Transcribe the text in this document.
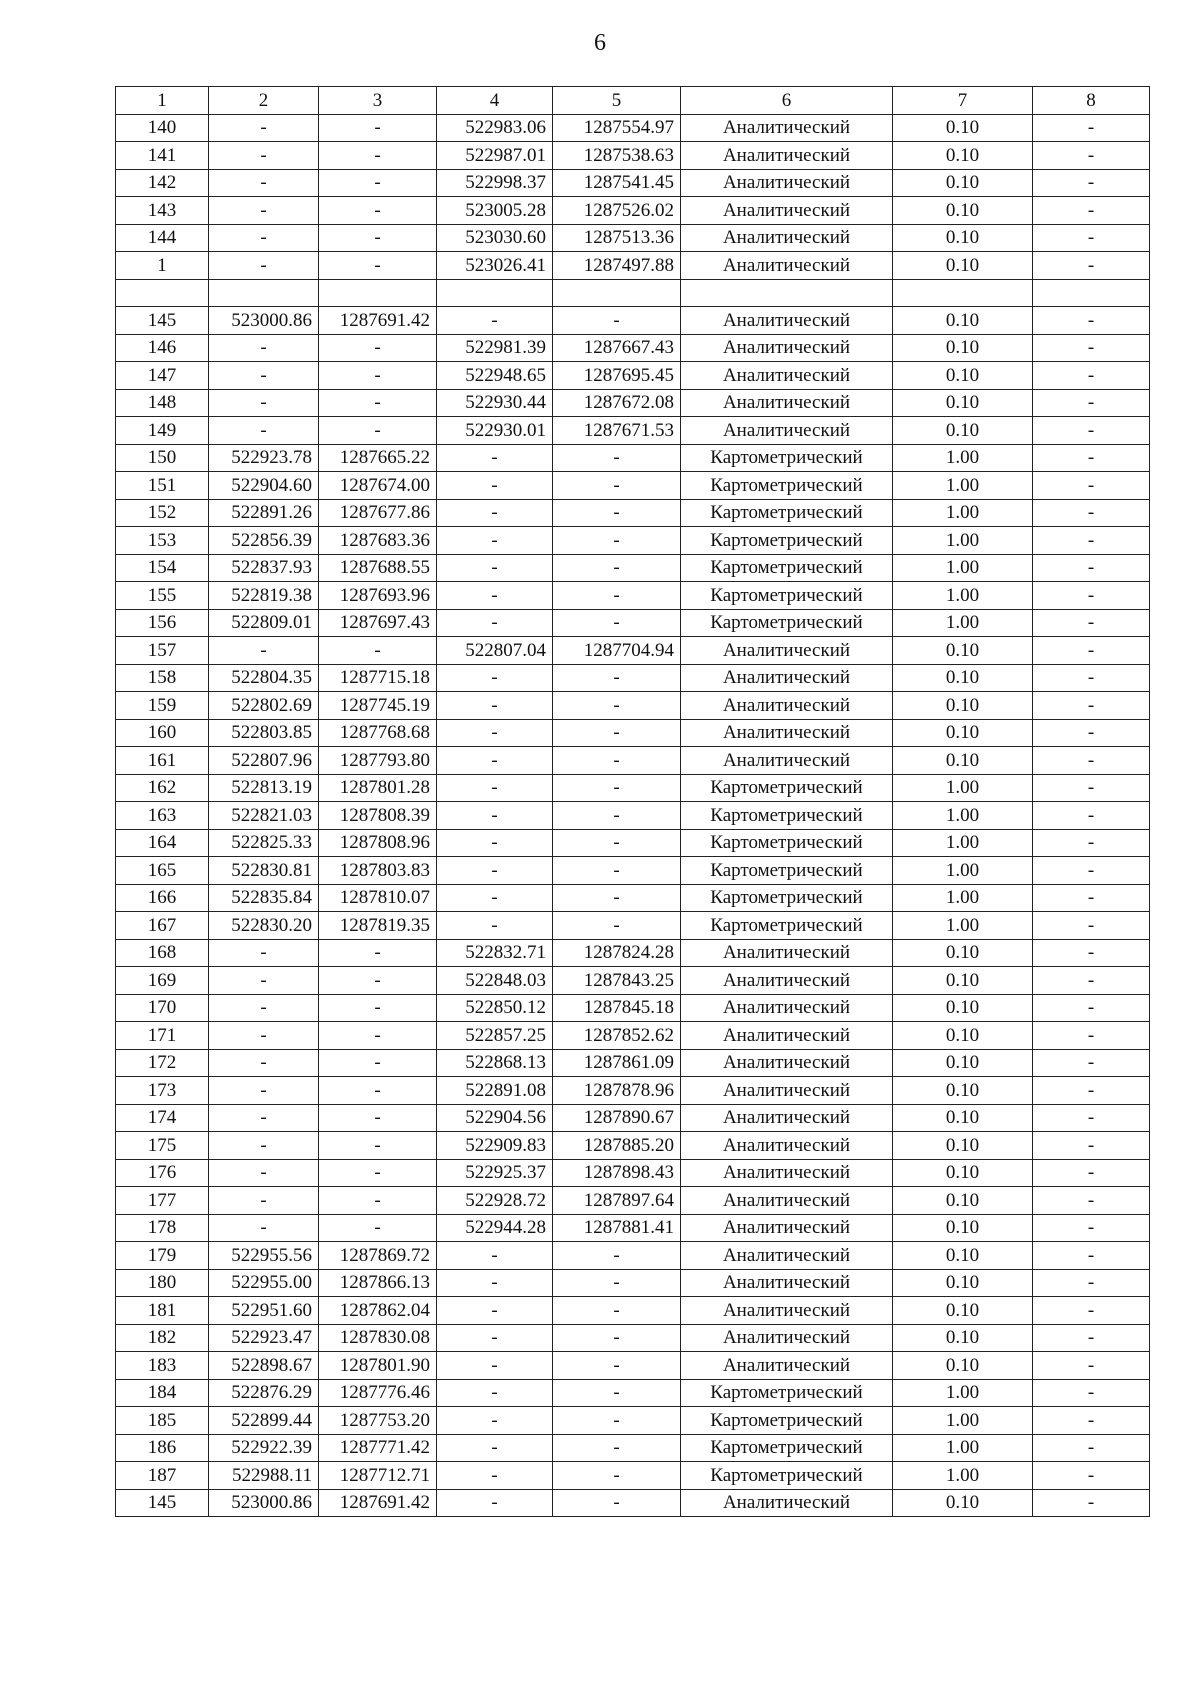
6
1	2	3	4	5	6	7	8
140	-	-	522983.06	1287554.97	Аналитический	0.10	-
141	-	-	522987.01	1287538.63	Аналитический	0.10	-
142	-	-	522998.37	1287541.45	Аналитический	0.10	-
143	-	-	523005.28	1287526.02	Аналитический	0.10	-
144	-	-	523030.60	1287513.36	Аналитический	0.10	-
1	-	-	523026.41	1287497.88	Аналитический	0.10	-

145	523000.86	1287691.42	-	-	Аналитический	0.10	-
146	-	-	522981.39	1287667.43	Аналитический	0.10	-
147	-	-	522948.65	1287695.45	Аналитический	0.10	-
148	-	-	522930.44	1287672.08	Аналитический	0.10	-
149	-	-	522930.01	1287671.53	Аналитический	0.10	-
150	522923.78	1287665.22	-	-	Картометрический	1.00	-
151	522904.60	1287674.00	-	-	Картометрический	1.00	-
152	522891.26	1287677.86	-	-	Картометрический	1.00	-
153	522856.39	1287683.36	-	-	Картометрический	1.00	-
154	522837.93	1287688.55	-	-	Картометрический	1.00	-
155	522819.38	1287693.96	-	-	Картометрический	1.00	-
156	522809.01	1287697.43	-	-	Картометрический	1.00	-
157	-	-	522807.04	1287704.94	Аналитический	0.10	-
158	522804.35	1287715.18	-	-	Аналитический	0.10	-
159	522802.69	1287745.19	-	-	Аналитический	0.10	-
160	522803.85	1287768.68	-	-	Аналитический	0.10	-
161	522807.96	1287793.80	-	-	Аналитический	0.10	-
162	522813.19	1287801.28	-	-	Картометрический	1.00	-
163	522821.03	1287808.39	-	-	Картометрический	1.00	-
164	522825.33	1287808.96	-	-	Картометрический	1.00	-
165	522830.81	1287803.83	-	-	Картометрический	1.00	-
166	522835.84	1287810.07	-	-	Картометрический	1.00	-
167	522830.20	1287819.35	-	-	Картометрический	1.00	-
168	-	-	522832.71	1287824.28	Аналитический	0.10	-
169	-	-	522848.03	1287843.25	Аналитический	0.10	-
170	-	-	522850.12	1287845.18	Аналитический	0.10	-
171	-	-	522857.25	1287852.62	Аналитический	0.10	-
172	-	-	522868.13	1287861.09	Аналитический	0.10	-
173	-	-	522891.08	1287878.96	Аналитический	0.10	-
174	-	-	522904.56	1287890.67	Аналитический	0.10	-
175	-	-	522909.83	1287885.20	Аналитический	0.10	-
176	-	-	522925.37	1287898.43	Аналитический	0.10	-
177	-	-	522928.72	1287897.64	Аналитический	0.10	-
178	-	-	522944.28	1287881.41	Аналитический	0.10	-
179	522955.56	1287869.72	-	-	Аналитический	0.10	-
180	522955.00	1287866.13	-	-	Аналитический	0.10	-
181	522951.60	1287862.04	-	-	Аналитический	0.10	-
182	522923.47	1287830.08	-	-	Аналитический	0.10	-
183	522898.67	1287801.90	-	-	Аналитический	0.10	-
184	522876.29	1287776.46	-	-	Картометрический	1.00	-
185	522899.44	1287753.20	-	-	Картометрический	1.00	-
186	522922.39	1287771.42	-	-	Картометрический	1.00	-
187	522988.11	1287712.71	-	-	Картометрический	1.00	-
145	523000.86	1287691.42	-	-	Аналитический	0.10	-
